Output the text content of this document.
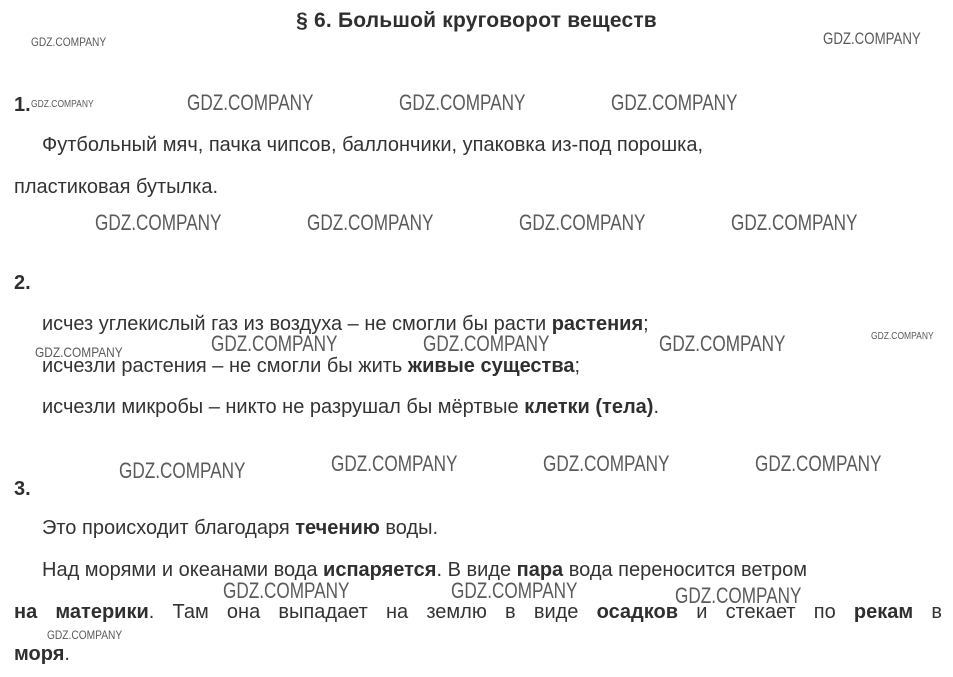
§ 6. Большой круговорот веществ
1.
Футбольный мяч, пачка чипсов, баллончики, упаковка из-под порошка,
пластиковая бутылка.
2.
исчез углекислый газ из воздуха – не смогли бы расти растения;
исчезли растения – не смогли бы жить живые существа;
исчезли микробы – никто не разрушал бы мёртвые клетки (тела).
3.
Это происходит благодаря течению воды.
Над морями и океанами вода испаряется. В виде пара вода переносится ветром
на материки. Там она выпадает на землю в виде осадков и стекает по рекам в
моря.
GDZ.COMPANY	GDZ.COMPANY
GDZ.COMPANY	GDZ.COMPANY	GDZ.COMPANY	GDZ.COMPANY
GDZ.COMPANY	GDZ.COMPANY	GDZ.COMPANY	GDZ.COMPANY
GDZ.COMPANY	GDZ.COMPANY	GDZ.COMPANY	GDZ.COMPANY	GDZ.COMPANY
GDZ.COMPANY	GDZ.COMPANY	GDZ.COMPANY	GDZ.COMPANY
GDZ.COMPANY	GDZ.COMPANY	GDZ.COMPANY
GDZ.COMPANY
